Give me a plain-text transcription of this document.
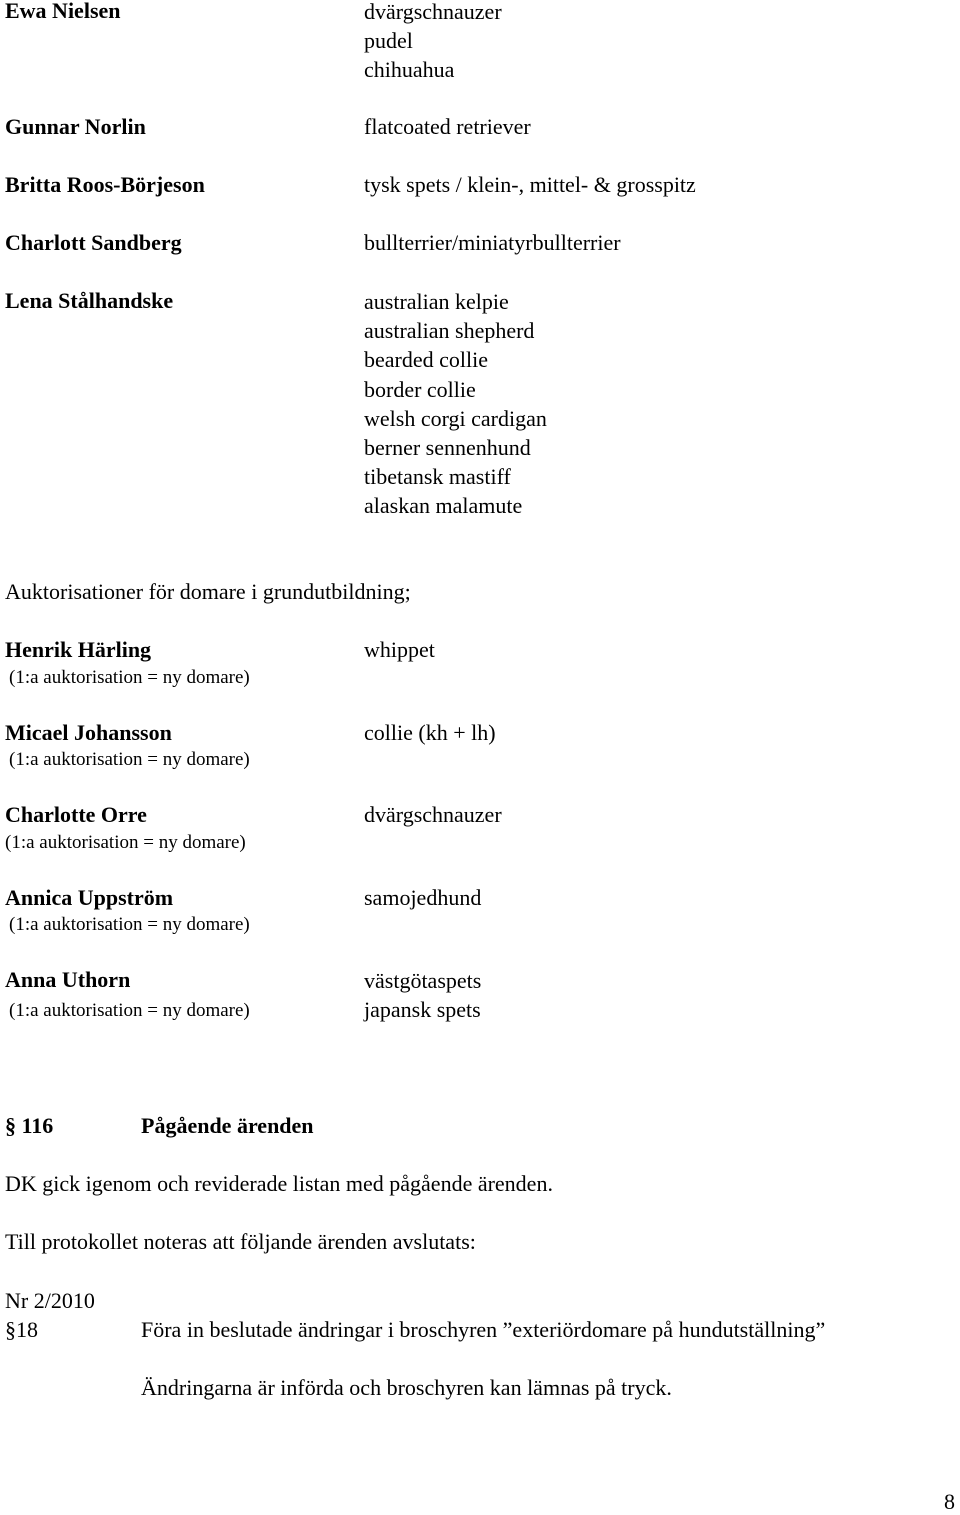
Ewa Nielsen
Gunnar Norlin
Britta Roos-Börjeson
Charlott Sandberg
Lena Stålhandske
dvärgschnauzer
pudel
chihuahua
flatcoated retriever
tysk spets / klein-, mittel- & grosspitz
bullterrier/miniatyrbullterrier
australian kelpie
australian shepherd
bearded collie
border collie
welsh corgi cardigan
berner sennenhund
tibetansk mastiff
alaskan malamute
Auktorisationer för domare i grundutbildning;
Henrik Härling
(1:a auktorisation = ny domare)
whippet
Micael Johansson
(1:a auktorisation = ny domare)
collie (kh + lh)
Charlotte Orre
(1:a auktorisation = ny domare)
dvärgschnauzer
Annica Uppström
(1:a auktorisation = ny domare)
samojedhund
Anna Uthorn
(1:a auktorisation = ny domare)
västgötaspets
japansk spets
§ 116	Pågående ärenden
DK gick igenom och reviderade listan med pågående ärenden.
Till protokollet noteras att följande ärenden avslutats:
Nr 2/2010
§18	Föra in beslutade ändringar i broschyren ”exteriördomare på hundutställning”
Ändringarna är införda och broschyren kan lämnas på tryck.
8
